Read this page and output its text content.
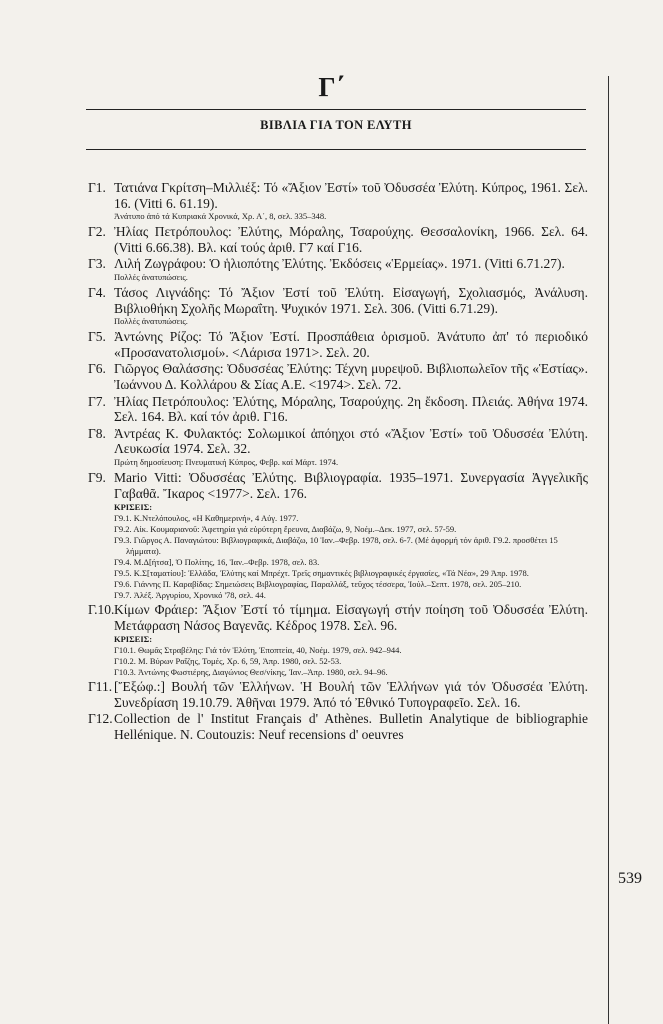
Γ΄
ΒΙΒΛΙΑ ΓΙΑ ΤΟΝ ΕΛΥΤΗ
539
Γ1. Τατιάνα Γκρίτση–Μιλλιέξ: Τό «Ἄξιον Ἐστί» τοῦ Ὀδυσσέα Ἐλύτη. Κύπρος, 1961. Σελ. 16. (Vitti 6. 61.19).
Ἀνάτυπο ἀπό τά Κυπριακά Χρονικά, Χρ. Α΄, 8, σελ. 335–348.
Γ2. Ἠλίας Πετρόπουλος: Ἐλύτης, Μόραλης, Τσαρούχης. Θεσσαλονίκη, 1966. Σελ. 64. (Vitti 6.66.38). Βλ. καί τούς ἀριθ. Γ7 καί Γ16.
Γ3. Λιλή Ζωγράφου: Ὁ ἡλιοπότης Ἐλύτης. Ἐκδόσεις «Ἑρμείας». 1971. (Vitti 6.71.27).
Πολλές ἀνατυπώσεις.
Γ4. Τάσος Λιγνάδης: Τό Ἄξιον Ἐστί τοῦ Ἐλύτη. Εἰσαγωγή, Σχολιασμός, Ἀνάλυση. Βιβλιοθήκη Σχολῆς Μωραΐτη. Ψυχικόν 1971. Σελ. 306. (Vitti 6.71.29).
Πολλές ἀνατυπώσεις.
Γ5. Ἀντώνης Ρίζος: Τό Ἄξιον Ἐστί. Προσπάθεια ὁρισμοῦ. Ἀνάτυπο ἀπ' τό περιοδικό «Προσανατολισμοί». <Λάρισα 1971>. Σελ. 20.
Γ6. Γιῶργος Θαλάσσης: Ὀδυσσέας Ἐλύτης: Τέχνη μυρεψοῦ. Βιβλιοπωλεῖον τῆς «Ἑστίας». Ἰωάννου Δ. Κολλάρου & Σίας Α.Ε. <1974>. Σελ. 72.
Γ7. Ἠλίας Πετρόπουλος: Ἐλύτης, Μόραλης, Τσαρούχης. 2η ἔκδοση. Πλειάς. Ἀθήνα 1974. Σελ. 164. Βλ. καί τόν ἀριθ. Γ16.
Γ8. Ἀντρέας Κ. Φυλακτός: Σολωμικοί ἀπόηχοι στό «Ἄξιον Ἐστί» τοῦ Ὀδυσσέα Ἐλύτη. Λευκωσία 1974. Σελ. 32.
Πρώτη δημοσίευση: Πνευματική Κύπρος, Φεβρ. καί Μάρτ. 1974.
Γ9. Mario Vitti: Ὀδυσσέας Ἐλύτης. Βιβλιογραφία. 1935–1971. Συνεργασία Ἀγγελικῆς Γαβαθᾶ. Ἴκαρος <1977>. Σελ. 176.
ΚΡΙΣΕΙΣ:
Γ9.1. Κ.Ντελόπουλος, «Η Καθημερινή», 4 Αὐγ. 1977.
Γ9.2. Αἰκ. Κουμαριανοῦ: Ἀφετηρία γιά εὐρύτερη ἔρευνα, Διαβάζω, 9, Νοέμ.–Δεκ. 1977, σελ. 57-59.
Γ9.3. Γιῶργος Α. Παναγιώτου: Βιβλιογραφικά, Διαβάζω, 10 Ἰαν.–Φεβρ. 1978, σελ. 6-7. (Μέ ἀφορμή τόν ἀριθ. Γ9.2. προσθέτει 15 λήμματα).
Γ9.4. Μ.Δ[ήτσα], Ὁ Πολίτης, 16, Ἰαν.–Φεβρ. 1978, σελ. 83.
Γ9.5. Κ.Σ[ταματίου]: Ἑλλάδα, Ἐλύτης καί Μπρέχτ. Τρεῖς σημαντικές βιβλιογραφικές ἐργασίες, «Τά Νέα», 29 Ἀπρ. 1978.
Γ9.6. Γιάννης Π. Καραβίδας: Σημειώσεις Βιβλιογραφίας, Παραλλάξ, τεῦχος τέσσερα, Ἰούλ.–Σεπτ. 1978, σελ. 205–210.
Γ9.7. Ἀλέξ. Ἀργυρίου, Χρονικό '78, σελ. 44.
Γ.10. Κίμων Φράιερ: Ἄξιον Ἐστί τό τίμημα. Εἰσαγωγή στήν ποίηση τοῦ Ὀδυσσέα Ἐλύτη. Μετάφραση Νάσος Βαγενᾶς. Κέδρος 1978. Σελ. 96.
ΚΡΙΣΕΙΣ:
Γ10.1. Θωμᾶς Στραβέλης: Γιά τόν Ἐλύτη, Ἐποπτεία, 40, Νοέμ. 1979, σελ. 942–944.
Γ10.2. Μ. Βύρων Ραΐζης, Τομές, Χρ. 6, 59, Ἀπρ. 1980, σελ. 52-53.
Γ10.3. Ἀντώνης Φωστιέρης, Διαγώνιος Θεσ/νίκης, Ἰαν.–Ἀπρ. 1980, σελ. 94–96.
Γ11. [Ἔξώφ.:] Βουλή τῶν Ἑλλήνων. Ἡ Βουλή τῶν Ἑλλήνων γιά τόν Ὀδυσσέα Ἐλύτη. Συνεδρίαση 19.10.79. Ἀθῆναι 1979. Ἀπό τό Ἐθνικό Τυπογραφεῖο. Σελ. 16.
Γ12. Collection de l' Institut Français d' Athènes. Bulletin Analytique de bibliographie Hellénique. N. Coutouzis: Neuf recensions d' oeuvres
